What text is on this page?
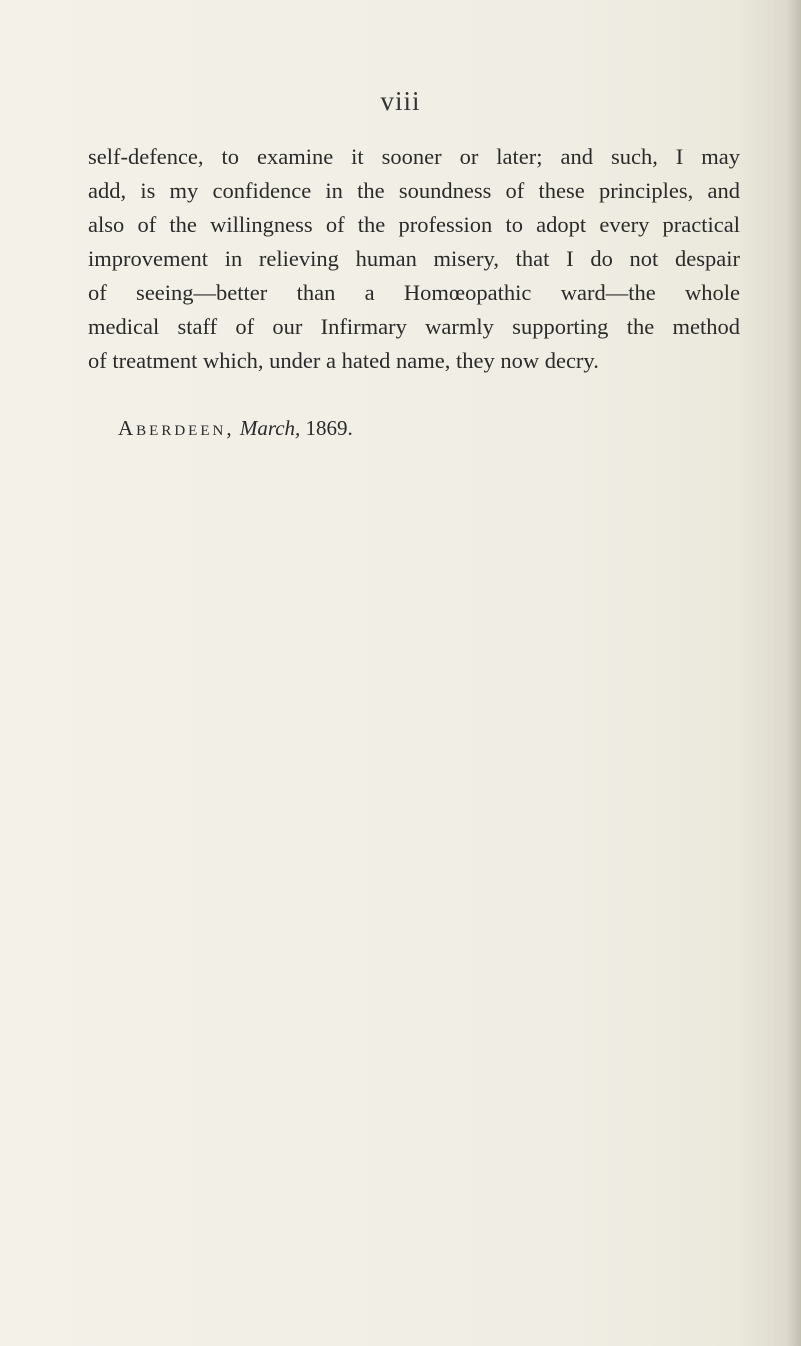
viii
self-defence, to examine it sooner or later; and such, I may
add, is my confidence in the soundness of these principles, and
also of the willingness of the profession to adopt every practical
improvement in relieving human misery, that I do not despair
of seeing—better than a Homœopathic ward—the whole
medical staff of our Infirmary warmly supporting the method
of treatment which, under a hated name, they now decry.
Aberdeen, March, 1869.
